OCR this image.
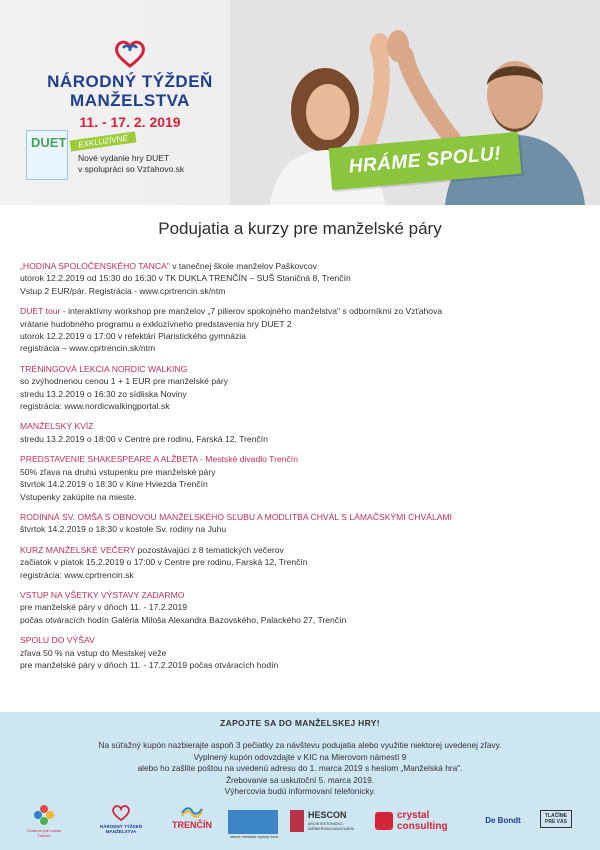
NÁRODNÝ TÝŽDEŇ
MANŽELSTVA
11. - 17. 2. 2019
DUET	EXKLUZÍVNE
Nové vydanie hry DUET
v spolupráci so Vzťahovo.sk	HRÁME SPOLU!
Podujatia a kurzy pre manželské páry
„HODINA SPOLOČENSKÉHO TANCA" v tanečnej škole manželov Paškovcov
utorok 12.2.2019 od 15:30 do 16:30 v TK DUKLA TRENČÍN – SUŠ Staničná 8, Trenčín
Vstup 2 EUR/pár. Registrácia - www.cprtrencin.sk/ntm
DUET tour - interaktívny workshop pre manželov „7 pilierov spokojného manželstva" s odborníkmi zo Vzťahova
vrátane hudobného programu a exkluzívneho predstavenia hry DUET 2
utorok 12.2.2019 o 17:00 v refektári Piaristického gymnázia
registrácia – www.cprtrencin.sk/ntm
TRÉNINGOVÁ LEKCIA NORDIC WALKING
so zvýhodnenou cenou 1 + 1 EUR pre manželské páry
stredu 13.2.2019 o 16:30 zo sídliska Noviny
registrácia: www.nordicwalkingportal.sk
MANŽELSKÝ KVÍZ
stredu 13.2.2019 o 18:00 v Centre pre rodinu, Farská 12, Trenčín
PREDSTAVENIE SHAKESPEARE A ALŽBETA - Mestské divadlo Trenčín
50% zľava na druhú vstupenku pre manželské páry
štvrtok 14.2.2019 o 18:30 v Kine Hviezda Trenčín
Vstupenky zakúpite na mieste.
RODINNÁ SV. OMŠA S OBNOVOU MANŽELSKÉHO SĽUBU A MODLITBA CHVÁL S LÁMAČSKÝMI CHVÁLAMI
štvrtok 14.2.2019 o 18:30 v kostole Sv. rodiny na Juhu
KURZ MANŽELSKÉ VEČERY pozostávajúci z 8 tematických večerov
začiatok v piatok 15.2.2019 o 17:00 v Centre pre rodinu, Farská 12, Trenčín
registrácia: www.cprtrencin.sk
VSTUP NA VŠETKY VÝSTAVY ZADARMO
pre manželské páry v dňoch 11. - 17.2.2019
počas otváracích hodín Galéria Miloša Alexandra Bazovského, Palackého 27, Trenčín
SPOLU DO VÝŠAV
zľava 50 % na vstup do Mestskej veže
pre manželské páry v dňoch 11. - 17.2.2019 počas otváracích hodín
ZAPOJTE SA DO MANŽELSKEJ HRY!
Na súťažný kupón nazbierajte aspoň 3 pečiatky za návštevu podujatia alebo využitie niektorej uvedenej zľavy.
Vyplnený kupón odovzdajte v KIC na Mierovom námestí 9
alebo ho zašlite poštou na uvedenú adresu do 1. marca 2019 s heslom „Manželská hra".
Žrebovanie sa uskutoční 5. marca 2019.
Výhercovia budú informovaní telefonicky.
Centrum pre rodinu Trenčín
NÁRODNÝ TÝŽDEŇ MANŽELSTVA
TRENČÍN
select mestské bytový fond
HESCON
ARCHITEKTONICKO-INŽINIERSKA KANCELÁRIA
crystal consulting
De Bondt	TLAČÍME PRE VÁS
